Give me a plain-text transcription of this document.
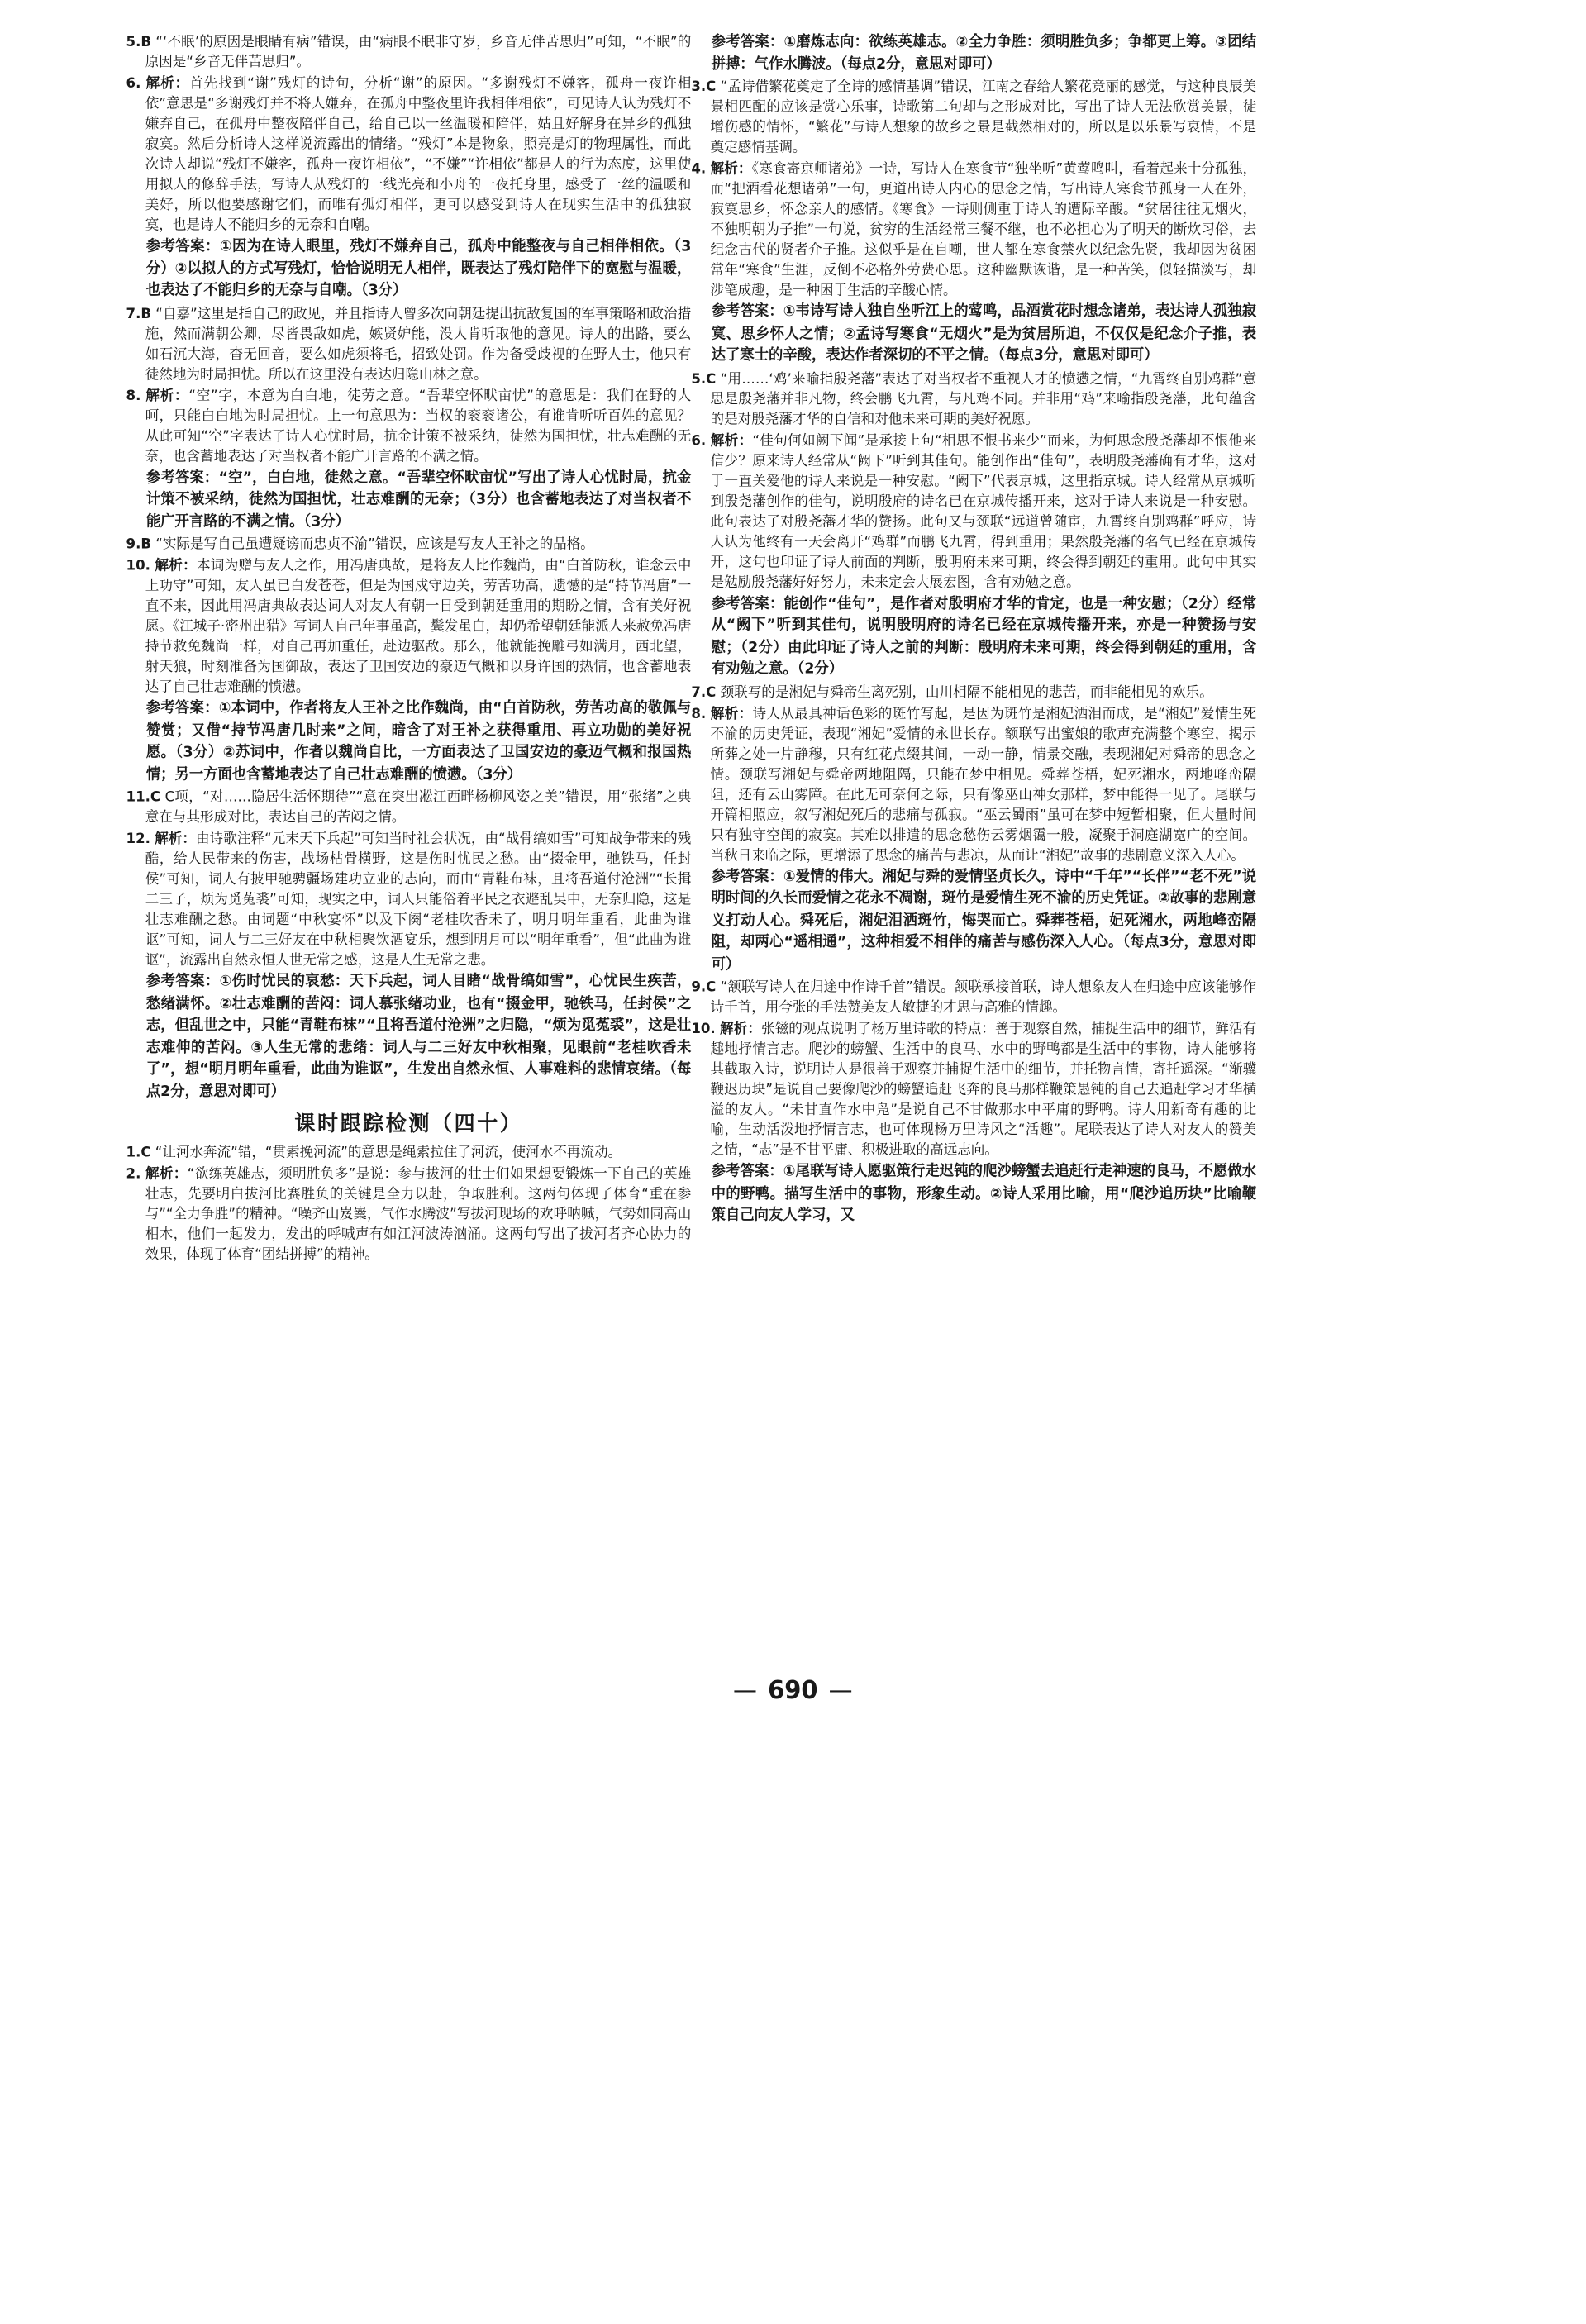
5.B “‘不眠’的原因是眼睛有病”错误，由“病眼不眠非守岁，乡音无伴苦思归”可知，“不眠”的原因是“乡音无伴苦思归”。

6. 解析：首先找到“谢”残灯的诗句，分析“谢”的原因。“多谢残灯不嫌客，孤舟一夜许相依”意思是“多谢残灯并不将人嫌弃，在孤舟中整夜里许我相伴相依”，可见诗人认为残灯不嫌弃自己，在孤舟中整夜陪伴自己，给自己以一丝温暖和陪伴，姑且好解身在异乡的孤独寂寞。然后分析诗人这样说流露出的情绪。“残灯”本是物象，照亮是灯的物理属性，而此次诗人却说“残灯不嫌客，孤舟一夜许相依”，“不嫌”“许相依”都是人的行为态度，这里使用拟人的修辞手法，写诗人从残灯的一线光亮和小舟的一夜托身里，感受了一丝的温暖和美好，所以他要感谢它们，而唯有孤灯相伴，更可以感受到诗人在现实生活中的孤独寂寞，也是诗人不能归乡的无奈和自嘲。

参考答案：①因为在诗人眼里，残灯不嫌弃自己，孤舟中能整夜与自己相伴相依。（3分）②以拟人的方式写残灯，恰恰说明无人相伴，既表达了残灯陪伴下的宽慰与温暖，也表达了不能归乡的无奈与自嘲。（3分）

7.B “自嘉”这里是指自己的政见，并且指诗人曾多次向朝廷提出抗敌复国的军事策略和政治措施，然而满朝公卿，尽皆畏敌如虎，嫉贤妒能，没人肯听取他的意见。诗人的出路，要么如石沉大海，杳无回音，要么如虎须将毛，招致处罚。作为备受歧视的在野人士，他只有徒然地为时局担忧。所以在这里没有表达归隐山林之意。

8. 解析：“空”字，本意为白白地，徒劳之意。“吾辈空怀畎亩忧”的意思是：我们在野的人呵，只能白白地为时局担忧。上一句意思为：当权的衮衮诸公，有谁肯听听百姓的意见？从此可知“空”字表达了诗人心忧时局，抗金计策不被采纳，徒然为国担忧，壮志难酬的无奈，也含蓄地表达了对当权者不能广开言路的不满之情。

参考答案：“空”，白白地，徒然之意。“吾辈空怀畎亩忧”写出了诗人心忧时局，抗金计策不被采纳，徒然为国担忧，壮志难酬的无奈；（3分）也含蓄地表达了对当权者不能广开言路的不满之情。（3分）

9.B “实际是写自己虽遭疑谤而忠贞不渝”错误，应该是写友人王补之的品格。

10. 解析：本词为赠与友人之作，用冯唐典故，是将友人比作魏尚，由“白首防秋，谁念云中上功守”可知，友人虽已白发苍苍，但是为国戍守边关，劳苦功高，遗憾的是“持节冯唐”一直不来，因此用冯唐典故表达词人对友人有朝一日受到朝廷重用的期盼之情，含有美好祝愿。《江城子·密州出猎》写词人自己年事虽高，鬓发虽白，却仍希望朝廷能派人来赦免冯唐持节救免魏尚一样，对自己再加重任，赴边驱敌。那么，他就能挽雕弓如满月，西北望，射天狼，时刻准备为国御敌，表达了卫国安边的豪迈气概和以身许国的热情，也含蓄地表达了自己壮志难酬的愤懑。

参考答案：①本词中，作者将友人王补之比作魏尚，由“白首防秋，劳苦功高的敬佩与赞赏；又借“持节冯唐几时来”之问，暗含了对王补之获得重用、再立功勋的美好祝愿。（3分）②苏词中，作者以魏尚自比，一方面表达了卫国安边的豪迈气概和报国热情；另一方面也含蓄地表达了自己壮志难酬的愤懑。（3分）

11.C C项，“对……隐居生活怀期待”“意在突出凇江西畔杨柳风姿之美”错误，用“张绪”之典意在与其形成对比，表达自己的苦闷之情。

12. 解析：由诗歌注释“元末天下兵起”可知当时社会状况，由“战骨缟如雪”可知战争带来的残酷，给人民带来的伤害，战场枯骨横野，这是伤时忧民之愁。由“掇金甲，驰铁马，任封侯”可知，词人有披甲驰骋疆场建功立业的志向，而由“青鞋布袜，且将吾道付沧洲”“长揖二三子，烦为觅菟裘”可知，现实之中，词人只能俗着平民之衣避乱吴中，无奈归隐，这是壮志难酬之愁。由词题“中秋宴怀”以及下阕“老桂吹香未了，明月明年重看，此曲为谁讴”可知，词人与二三好友在中秋相聚饮酒宴乐，想到明月可以“明年重看”，但“此曲为谁讴”，流露出自然永恒人世无常之感，这是人生无常之悲。

参考答案：①伤时忧民的哀愁：天下兵起，词人目睹“战骨缟如雪”，心忧民生疾苦，愁绪满怀。②壮志难酬的苦闷：词人慕张绪功业，也有“掇金甲，驰铁马，任封侯”之志，但乱世之中，只能“青鞋布袜”“且将吾道付沧洲”之归隐，“烦为觅菟裘”，这是壮志难伸的苦闷。③人生无常的悲绪：词人与二三好友中秋相聚，见眼前“老桂吹香未了”，想“明月明年重看，此曲为谁讴”，生发出自然永恒、人事难料的悲情哀绪。（每点2分，意思对即可）

课时跟踪检测（四十）

1.C “让河水奔流”错，“贯索挽河流”的意思是绳索拉住了河流，使河水不再流动。

2. 解析：“欲练英雄志，须明胜负多”是说：参与拔河的壮士们如果想要锻炼一下自己的英雄壮志，先要明白拔河比赛胜负的关键是全力以赴，争取胜利。这两句体现了体育“重在参与”“全力争胜”的精神。“噪齐山岌嶪，气作水腾波”写拔河现场的欢呼呐喊，气势如同高山相木，他们一起发力，发出的呼喊声有如江河波涛汹涌。这两句写出了拔河者齐心协力的效果，体现了体育“团结拼搏”的精神。

参考答案：①磨炼志向：欲练英雄志。②全力争胜：须明胜负多；争都更上筹。③团结拼搏：气作水腾波。（每点2分，意思对即可）

3.C “孟诗借繁花奠定了全诗的感情基调”错误，江南之春给人繁花竞丽的感觉，与这种良辰美景相匹配的应该是赏心乐事，诗歌第二句却与之形成对比，写出了诗人无法欣赏美景，徒增伤感的情怀，“繁花”与诗人想象的故乡之景是截然相对的，所以是以乐景写哀情，不是奠定感情基调。

4. 解析：《寒食寄京师诸弟》一诗，写诗人在寒食节“独坐听”黄莺鸣叫，看着起来十分孤独，而“把酒看花想诸弟”一句，更道出诗人内心的思念之情，写出诗人寒食节孤身一人在外，寂寞思乡，怀念亲人的感情。《寒食》一诗则侧重于诗人的遭际辛酸。“贫居往往无烟火，不独明朝为子推”一句说，贫穷的生活经常三餐不继，也不必担心为了明天的断炊习俗，去纪念古代的贤者介子推。这似乎是在自嘲，世人都在寒食禁火以纪念先贤，我却因为贫困常年“寒食”生涯，反倒不必格外劳费心思。这种幽默诙谐，是一种苦笑，似轻描淡写，却涉笔成趣，是一种困于生活的辛酸心情。

参考答案：①韦诗写诗人独自坐听江上的莺鸣，品酒赏花时想念诸弟，表达诗人孤独寂寞、思乡怀人之情；②孟诗写寒食“无烟火”是为贫居所迫，不仅仅是纪念介子推，表达了寒士的辛酸，表达作者深切的不平之情。（每点3分，意思对即可）

5.C “用……‘鸡’来喻指殷尧藩”表达了对当权者不重视人才的愤懑之情，“九霄终自别鸡群”意思是殷尧藩并非凡物，终会鹏飞九霄，与凡鸡不同。并非用“鸡”来喻指殷尧藩，此句蕴含的是对殷尧藩才华的自信和对他未来可期的美好祝愿。

6. 解析：“佳句何如阙下闻”是承接上句“相思不恨书来少”而来，为何思念殷尧藩却不恨他来信少？原来诗人经常从“阙下”听到其佳句。能创作出“佳句”，表明殷尧藩确有才华，这对于一直关爱他的诗人来说是一种安慰。“阙下”代表京城，这里指京城。诗人经常从京城听到殷尧藩创作的佳句，说明殷府的诗名已在京城传播开来，这对于诗人来说是一种安慰。此句表达了对殷尧藩才华的赞扬。此句又与颈联“远道曾随宦，九霄终自别鸡群”呼应，诗人认为他终有一天会离开“鸡群”而鹏飞九霄，得到重用；果然殷尧藩的名气已经在京城传开，这句也印证了诗人前面的判断，殷明府未来可期，终会得到朝廷的重用。此句中其实是勉励殷尧藩好好努力，未来定会大展宏图，含有劝勉之意。

参考答案：能创作“佳句”，是作者对殷明府才华的肯定，也是一种安慰；（2分）经常从“阙下”听到其佳句，说明殷明府的诗名已经在京城传播开来，亦是一种赞扬与安慰；（2分）由此印证了诗人之前的判断：殷明府未来可期，终会得到朝廷的重用，含有劝勉之意。（2分）

7.C 颈联写的是湘妃与舜帝生离死别，山川相隔不能相见的悲苦，而非能相见的欢乐。

8. 解析：诗人从最具神话色彩的斑竹写起，是因为斑竹是湘妃洒泪而成，是“湘妃”爱情生死不渝的历史凭证，表现“湘妃”爱情的永世长存。额联写出蜜娘的歌声充满整个寒空，揭示所葬之处一片静穆，只有红花点缀其间，一动一静，情景交融，表现湘妃对舜帝的思念之情。颈联写湘妃与舜帝两地阻隔，只能在梦中相见。舜葬苍梧，妃死湘水，两地峰峦隔阻，还有云山雾障。在此无可奈何之际，只有像巫山神女那样，梦中能得一见了。尾联与开篇相照应，叙写湘妃死后的悲痛与孤寂。“巫云蜀雨”虽可在梦中短暂相聚，但大量时间只有独守空闺的寂寞。其难以排遣的思念愁伤云雾烟霭一般，凝聚于洞庭湖宽广的空间。当秋日来临之际，更增添了思念的痛苦与悲凉，从而让“湘妃”故事的悲剧意义深入人心。

参考答案：①爱情的伟大。湘妃与舜的爱情坚贞长久，诗中“千年”“长伴”“老不死”说明时间的久长而爱情之花永不凋谢，斑竹是爱情生死不渝的历史凭证。②故事的悲剧意义打动人心。舜死后，湘妃泪洒斑竹，悔哭而亡。舜葬苍梧，妃死湘水，两地峰峦隔阻，却两心“遥相通”，这种相爱不相伴的痛苦与感伤深入人心。（每点3分，意思对即可）

9.C “颔联写诗人在归途中作诗千首”错误。颔联承接首联，诗人想象友人在归途中应该能够作诗千首，用夸张的手法赞美友人敏捷的才思与高雅的情趣。

10. 解析：张镃的观点说明了杨万里诗歌的特点：善于观察自然，捕捉生活中的细节，鲜活有趣地抒情言志。爬沙的螃蟹、生活中的良马、水中的野鸭都是生活中的事物，诗人能够将其截取入诗，说明诗人是很善于观察并捕捉生活中的细节，并托物言情，寄托遥深。“渐骥鞭迟历块”是说自己要像爬沙的螃蟹追赶飞奔的良马那样鞭策愚钝的自己去追赶学习才华横溢的友人。“未甘直作水中凫”是说自己不甘做那水中平庸的野鸭。诗人用新奇有趣的比喻，生动活泼地抒情言志，也可体现杨万里诗风之“活趣”。尾联表达了诗人对友人的赞美之情，“志”是不甘平庸、积极进取的高远志向。

参考答案：①尾联写诗人愿驱策行走迟钝的爬沙螃蟹去追赶行走神速的良马，不愿做水中的野鸭。描写生活中的事物，形象生动。②诗人采用比喻，用“爬沙追历块”比喻鞭策自己向友人学习，又

— 690 —
